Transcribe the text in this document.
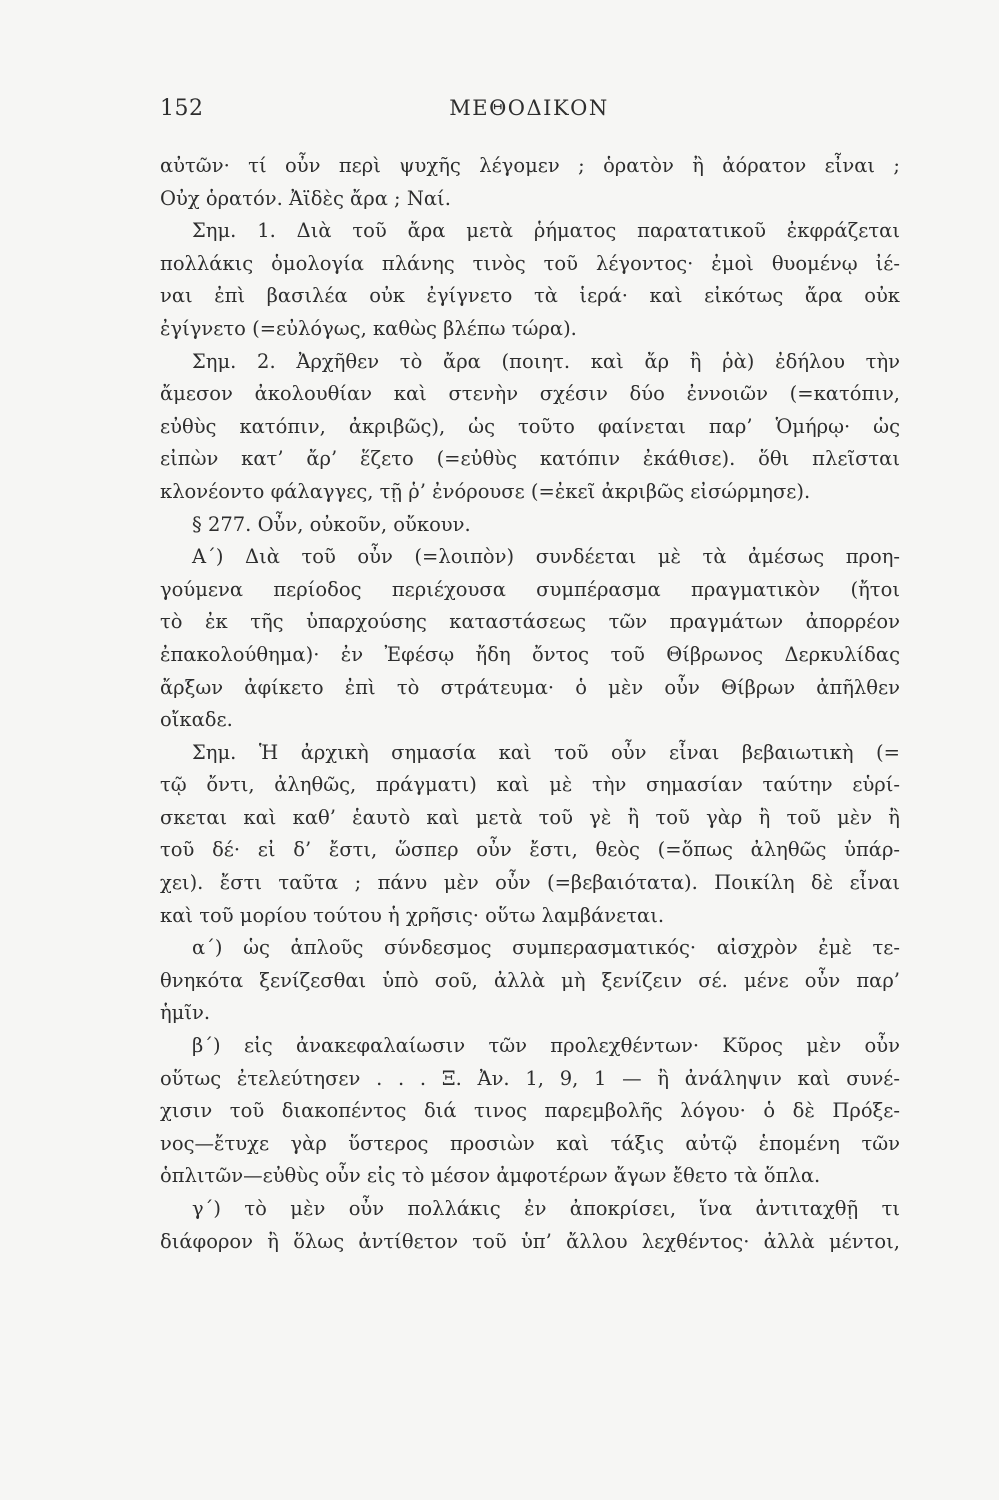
152	ΜΕΘΟΔΙΚΟΝ
αὐτῶν· τί οὖν περὶ ψυχῆς λέγομεν ; ὁρατὸν ἢ ἀόρατον εἶναι ;
Οὐχ ὁρατόν. Ἀϊδὲς ἄρα ; Ναί.
Σημ. 1. Διὰ τοῦ ἄρα μετὰ ῥήματος παρατατικοῦ ἐκφράζεται
πολλάκις ὁμολογία πλάνης τινὸς τοῦ λέγοντος· ἐμοὶ θυομένῳ ἰέ-
ναι ἐπὶ βασιλέα οὐκ ἐγίγνετο τὰ ἱερά· καὶ εἰκότως ἄρα οὐκ
ἐγίγνετο (=εὐλόγως, καθὼς βλέπω τώρα).
Σημ. 2. Ἀρχῆθεν τὸ ἄρα (ποιητ. καὶ ἄρ ἢ ῥὰ) ἐδήλου τὴν
ἄμεσον ἀκολουθίαν καὶ στενὴν σχέσιν δύο ἐννοιῶν (=κατόπιν,
εὐθὺς κατόπιν, ἀκριβῶς), ὡς τοῦτο φαίνεται παρ’ Ὁμήρῳ· ὡς
εἰπὼν κατ’ ἄρ’ ἕζετο (=εὐθὺς κατόπιν ἐκάθισε). ὅθι πλεῖσται
κλονέοντο φάλαγγες, τῇ ῥ’ ἐνόρουσε (=ἐκεῖ ἀκριβῶς εἰσώρμησε).
§ 277. Οὖν, οὐκοῦν, οὔκουν.
Α΄) Διὰ τοῦ οὖν (=λοιπὸν) συνδέεται μὲ τὰ ἀμέσως προη-
γούμενα περίοδος περιέχουσα συμπέρασμα πραγματικὸν (ἤτοι
τὸ ἐκ τῆς ὑπαρχούσης καταστάσεως τῶν πραγμάτων ἀπορρέον
ἐπακολούθημα)· ἐν Ἐφέσῳ ἤδη ὄντος τοῦ Θίβρωνος Δερκυλίδας
ἄρξων ἀφίκετο ἐπὶ τὸ στράτευμα· ὁ μὲν οὖν Θίβρων ἀπῆλθεν
οἴκαδε.
Σημ. Ἡ ἀρχικὴ σημασία καὶ τοῦ οὖν εἶναι βεβαιωτικὴ (=
τῷ ὄντι, ἀληθῶς, πράγματι) καὶ μὲ τὴν σημασίαν ταύτην εὑρί-
σκεται καὶ καθ’ ἑαυτὸ καὶ μετὰ τοῦ γὲ ἢ τοῦ γὰρ ἢ τοῦ μὲν ἢ
τοῦ δέ· εἰ δ’ ἔστι, ὥσπερ οὖν ἔστι, θεὸς (=ὅπως ἀληθῶς ὑπάρ-
χει). ἔστι ταῦτα ; πάνυ μὲν οὖν (=βεβαιότατα). Ποικίλη δὲ εἶναι
καὶ τοῦ μορίου τούτου ἡ χρῆσις· οὕτω λαμβάνεται.
α΄) ὡς ἁπλοῦς σύνδεσμος συμπερασματικός· αἰσχρὸν ἐμὲ τε-
θνηκότα ξενίζεσθαι ὑπὸ σοῦ, ἀλλὰ μὴ ξενίζειν σέ. μένε οὖν παρ’
ἡμῖν.
β΄) εἰς ἀνακεφαλαίωσιν τῶν προλεχθέντων· Κῦρος μὲν οὖν
οὕτως ἐτελεύτησεν . . . Ξ. Ἀν. 1, 9, 1 — ἢ ἀνάληψιν καὶ συνέ-
χισιν τοῦ διακοπέντος διά τινος παρεμβολῆς λόγου· ὁ δὲ Πρόξε-
νος—ἔτυχε γὰρ ὕστερος προσιὼν καὶ τάξις αὐτῷ ἑπομένη τῶν
ὁπλιτῶν—εὐθὺς οὖν εἰς τὸ μέσον ἀμφοτέρων ἄγων ἔθετο τὰ ὅπλα.
γ΄) τὸ μὲν οὖν πολλάκις ἐν ἀποκρίσει, ἵνα ἀντιταχθῇ τι
διάφορον ἢ ὅλως ἀντίθετον τοῦ ὑπ’ ἄλλου λεχθέντος· ἀλλὰ μέντοι,
